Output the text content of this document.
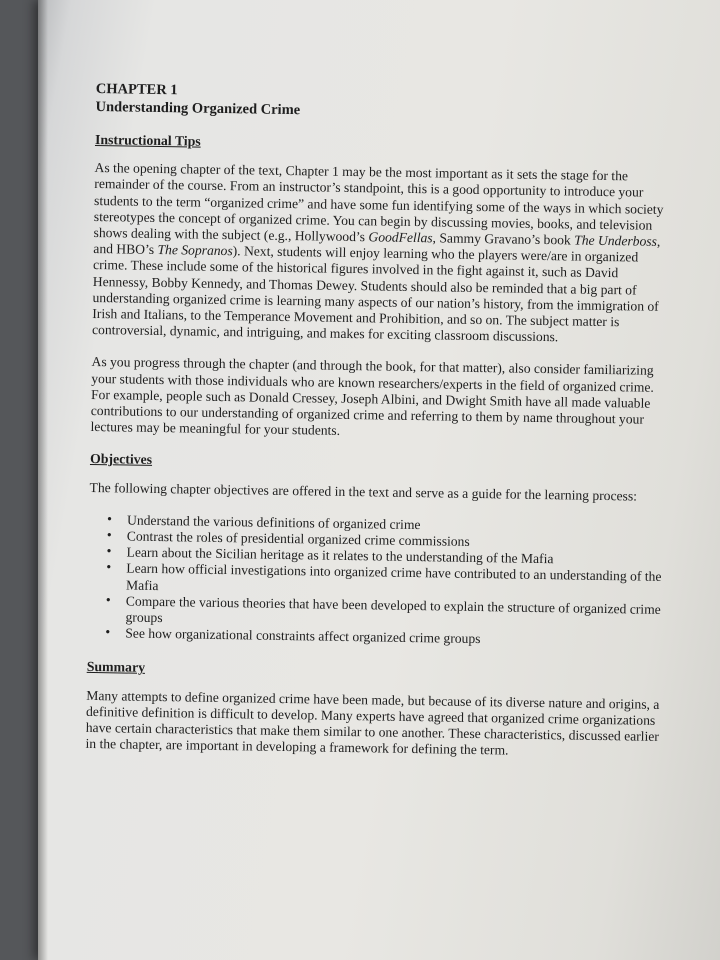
CHAPTER 1
Understanding Organized Crime
Instructional Tips

As the opening chapter of the text, Chapter 1 may be the most important as it sets the stage for the remainder of the course. From an instructor’s standpoint, this is a good opportunity to introduce your students to the term “organized crime” and have some fun identifying some of the ways in which society stereotypes the concept of organized crime. You can begin by discussing movies, books, and television shows dealing with the subject (e.g., Hollywood’s GoodFellas, Sammy Gravano’s book The Underboss, and HBO’s The Sopranos). Next, students will enjoy learning who the players were/are in organized crime. These include some of the historical figures involved in the fight against it, such as David Hennessy, Bobby Kennedy, and Thomas Dewey. Students should also be reminded that a big part of understanding organized crime is learning many aspects of our nation’s history, from the immigration of Irish and Italians, to the Temperance Movement and Prohibition, and so on. The subject matter is controversial, dynamic, and intriguing, and makes for exciting classroom discussions.

As you progress through the chapter (and through the book, for that matter), also consider familiarizing your students with those individuals who are known researchers/experts in the field of organized crime. For example, people such as Donald Cressey, Joseph Albini, and Dwight Smith have all made valuable contributions to our understanding of organized crime and referring to them by name throughout your lectures may be meaningful for your students.

Objectives

The following chapter objectives are offered in the text and serve as a guide for the learning process:

• Understand the various definitions of organized crime
• Contrast the roles of presidential organized crime commissions
• Learn about the Sicilian heritage as it relates to the understanding of the Mafia
• Learn how official investigations into organized crime have contributed to an understanding of the Mafia
• Compare the various theories that have been developed to explain the structure of organized crime groups
• See how organizational constraints affect organized crime groups
Summary

Many attempts to define organized crime have been made, but because of its diverse nature and origins, a definitive definition is difficult to develop. Many experts have agreed that organized crime organizations have certain characteristics that make them similar to one another. These characteristics, discussed earlier in the chapter, are important in developing a framework for defining the term.
